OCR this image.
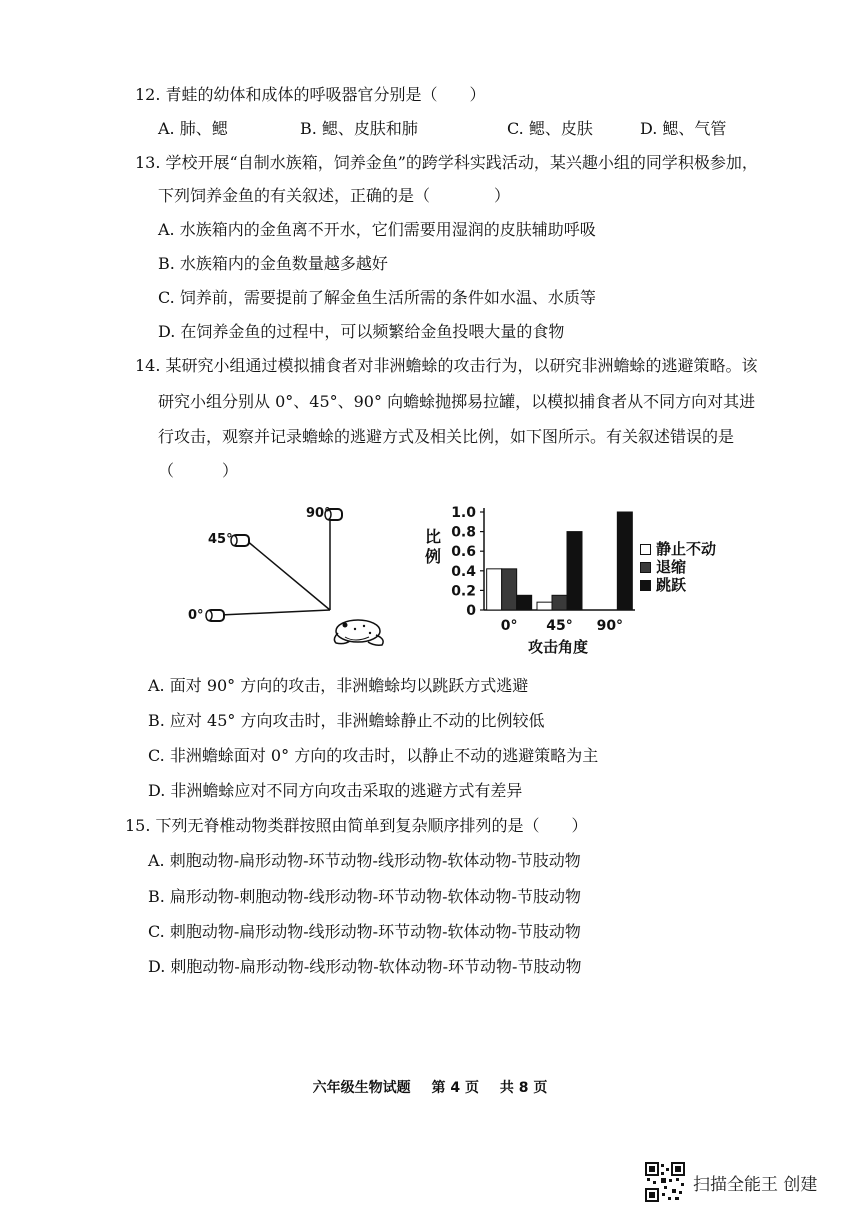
12. 青蛙的幼体和成体的呼吸器官分别是（　　）
A. 肺、鳃	B. 鳃、皮肤和肺	C. 鳃、皮肤	D. 鳃、气管
13. 学校开展“自制水族箱，饲养金鱼”的跨学科实践活动，某兴趣小组的同学积极参加，
下列饲养金鱼的有关叙述，正确的是（　　　　）
A. 水族箱内的金鱼离不开水，它们需要用湿润的皮肤辅助呼吸
B. 水族箱内的金鱼数量越多越好
C. 饲养前，需要提前了解金鱼生活所需的条件如水温、水质等
D. 在饲养金鱼的过程中，可以频繁给金鱼投喂大量的食物
14. 某研究小组通过模拟捕食者对非洲蟾蜍的攻击行为，以研究非洲蟾蜍的逃避策略。该
研究小组分别从 0°、45°、90° 向蟾蜍抛掷易拉罐，以模拟捕食者从不同方向对其进
行攻击，观察并记录蟾蜍的逃避方式及相关比例，如下图所示。有关叙述错误的是
（　　　）
90°
45°
0°
比例
0
0.2
0.4
0.6
0.8
1.0
0° 45° 90°
攻击角度
静止不动
退缩
跳跃
A. 面对 90° 方向的攻击，非洲蟾蜍均以跳跃方式逃避
B. 应对 45° 方向攻击时，非洲蟾蜍静止不动的比例较低
C. 非洲蟾蜍面对 0° 方向的攻击时，以静止不动的逃避策略为主
D. 非洲蟾蜍应对不同方向攻击采取的逃避方式有差异
15. 下列无脊椎动物类群按照由简单到复杂顺序排列的是（　　）
A. 刺胞动物-扁形动物-环节动物-线形动物-软体动物-节肢动物
B. 扁形动物-刺胞动物-线形动物-环节动物-软体动物-节肢动物
C. 刺胞动物-扁形动物-线形动物-环节动物-软体动物-节肢动物
D. 刺胞动物-扁形动物-线形动物-软体动物-环节动物-节肢动物
六年级生物试题 第 4 页 共 8 页
扫描全能王 创建
